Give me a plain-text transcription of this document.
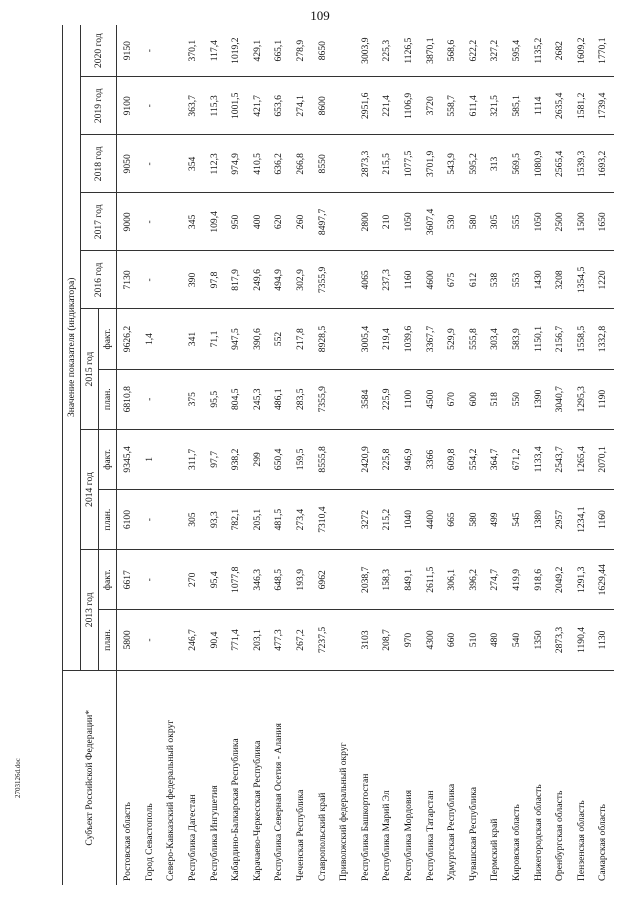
109
2703126d.doc	Субъект Российской Федерации*	Значение показателя (индикатора)										
	2013 год		2014 год		2015 год		2016 год	2017 год	2018 год	2019 год	2020 год
	план.	факт.	план.	факт.	план.	факт.					
Ростовская область	5800	6617	6100	9345,4	6810,8	9626,2	7130	9000	9050	9100	9150
Город Севастополь	-	-	-	1	-	1,4	-	-	-	-	-
Северо-Кавказский федеральный округ											
Республика Дагестан	246,7	270	305	311,7	375	341	390	345	354	363,7	370,1
Республика Ингушетия	90,4	95,4	93,3	97,7	95,5	71,1	97,8	109,4	112,3	115,3	117,4
Кабардино-Балкарская Республика	771,4	1077,8	782,1	938,2	804,5	947,5	817,9	950	974,9	1001,5	1019,2
Карачаево-Черкесская Республика	203,1	346,3	205,1	299	245,3	390,6	249,6	400	410,5	421,7	429,1
Республика Северная Осетия - Алания	477,3	648,5	481,5	650,4	486,1	552	494,9	620	636,2	653,6	665,1
Чеченская Республика	267,2	193,9	273,4	159,5	283,5	217,8	302,9	260	266,8	274,1	278,9
Ставропольский край	7237,5	6962	7310,4	8555,8	7355,9	8928,5	7355,9	8497,7	8550	8600	8650
Приволжский федеральный округ											
Республика Башкортостан	3103	2038,7	3272	2420,9	3584	3005,4	4065	2800	2873,3	2951,6	3003,9
Республика Марий Эл	208,7	158,3	215,2	225,8	225,9	219,4	237,3	210	215,5	221,4	225,3
Республика Мордовия	970	849,1	1040	946,9	1100	1039,6	1160	1050	1077,5	1106,9	1126,5
Республика Татарстан	4300	2611,5	4400	3366	4500	3367,7	4600	3607,4	3701,9	3720	3870,1
Удмуртская Республика	660	306,1	665	609,8	670	529,9	675	530	543,9	558,7	568,6
Чувашская Республика	510	396,2	580	554,2	600	555,8	612	580	595,2	611,4	622,2
Пермский край	480	274,7	499	364,7	518	303,4	538	305	313	321,5	327,2
Кировская область	540	419,9	545	671,2	550	583,9	553	555	569,5	585,1	595,4
Нижегородская область	1350	918,6	1380	1133,4	1390	1150,1	1430	1050	1080,9	1114	1135,2
Оренбургская область	2873,3	2049,2	2957	2543,7	3040,7	2156,7	3208	2500	2565,4	2635,4	2682
Пензенская область	1190,4	1291,3	1234,1	1265,4	1295,3	1558,5	1354,5	1500	1539,3	1581,2	1609,2
Самарская область	1130	1629,44	1160	2070,1	1190	1332,8	1220	1650	1693,2	1739,4	1770,1
